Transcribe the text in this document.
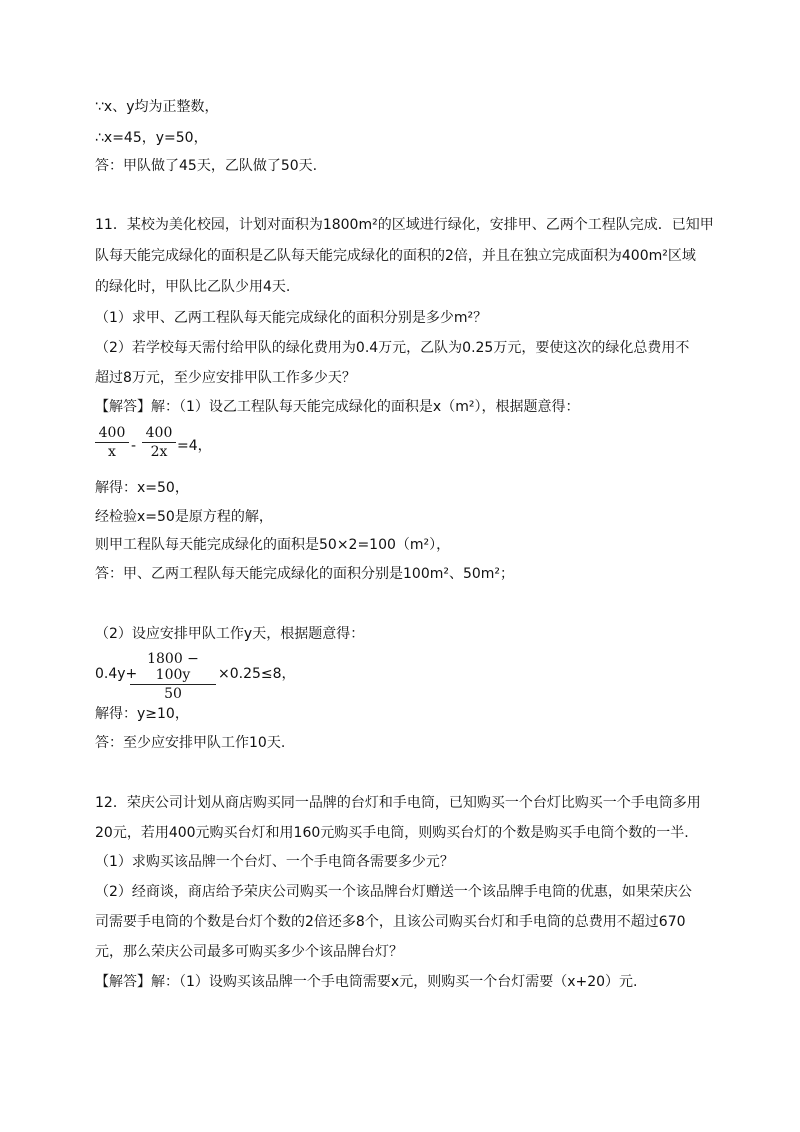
∵x、y均为正整数，
∴x=45，y=50，
答：甲队做了45天，乙队做了50天.
11．某校为美化校园，计划对面积为1800m²的区域进行绿化，安排甲、乙两个工程队完成．已知甲
队每天能完成绿化的面积是乙队每天能完成绿化的面积的2倍，并且在独立完成面积为400m²区域
的绿化时，甲队比乙队少用4天.
（1）求甲、乙两工程队每天能完成绿化的面积分别是多少m²？
（2）若学校每天需付给甲队的绿化费用为0.4万元，乙队为0.25万元，要使这次的绿化总费用不
超过8万元，至少应安排甲队工作多少天？
【解答】解：（1）设乙工程队每天能完成绿化的面积是x（m²），根据题意得：
400
x	-
400
2x =4，
解得：x=50，
经检验x=50是原方程的解，
则甲工程队每天能完成绿化的面积是50×2=100（m²），
答：甲、乙两工程队每天能完成绿化的面积分别是100m²、50m²；
（2）设应安排甲队工作y天，根据题意得：
0.4y+
1800 − 100y
50
×0.25≤8，
解得：y≥10，
答：至少应安排甲队工作10天.
12．荣庆公司计划从商店购买同一品牌的台灯和手电筒，已知购买一个台灯比购买一个手电筒多用
20元，若用400元购买台灯和用160元购买手电筒，则购买台灯的个数是购买手电筒个数的一半.
（1）求购买该品牌一个台灯、一个手电筒各需要多少元？
（2）经商谈，商店给予荣庆公司购买一个该品牌台灯赠送一个该品牌手电筒的优惠，如果荣庆公
司需要手电筒的个数是台灯个数的2倍还多8个，且该公司购买台灯和手电筒的总费用不超过670
元，那么荣庆公司最多可购买多少个该品牌台灯？
【解答】解：（1）设购买该品牌一个手电筒需要x元，则购买一个台灯需要（x+20）元.
